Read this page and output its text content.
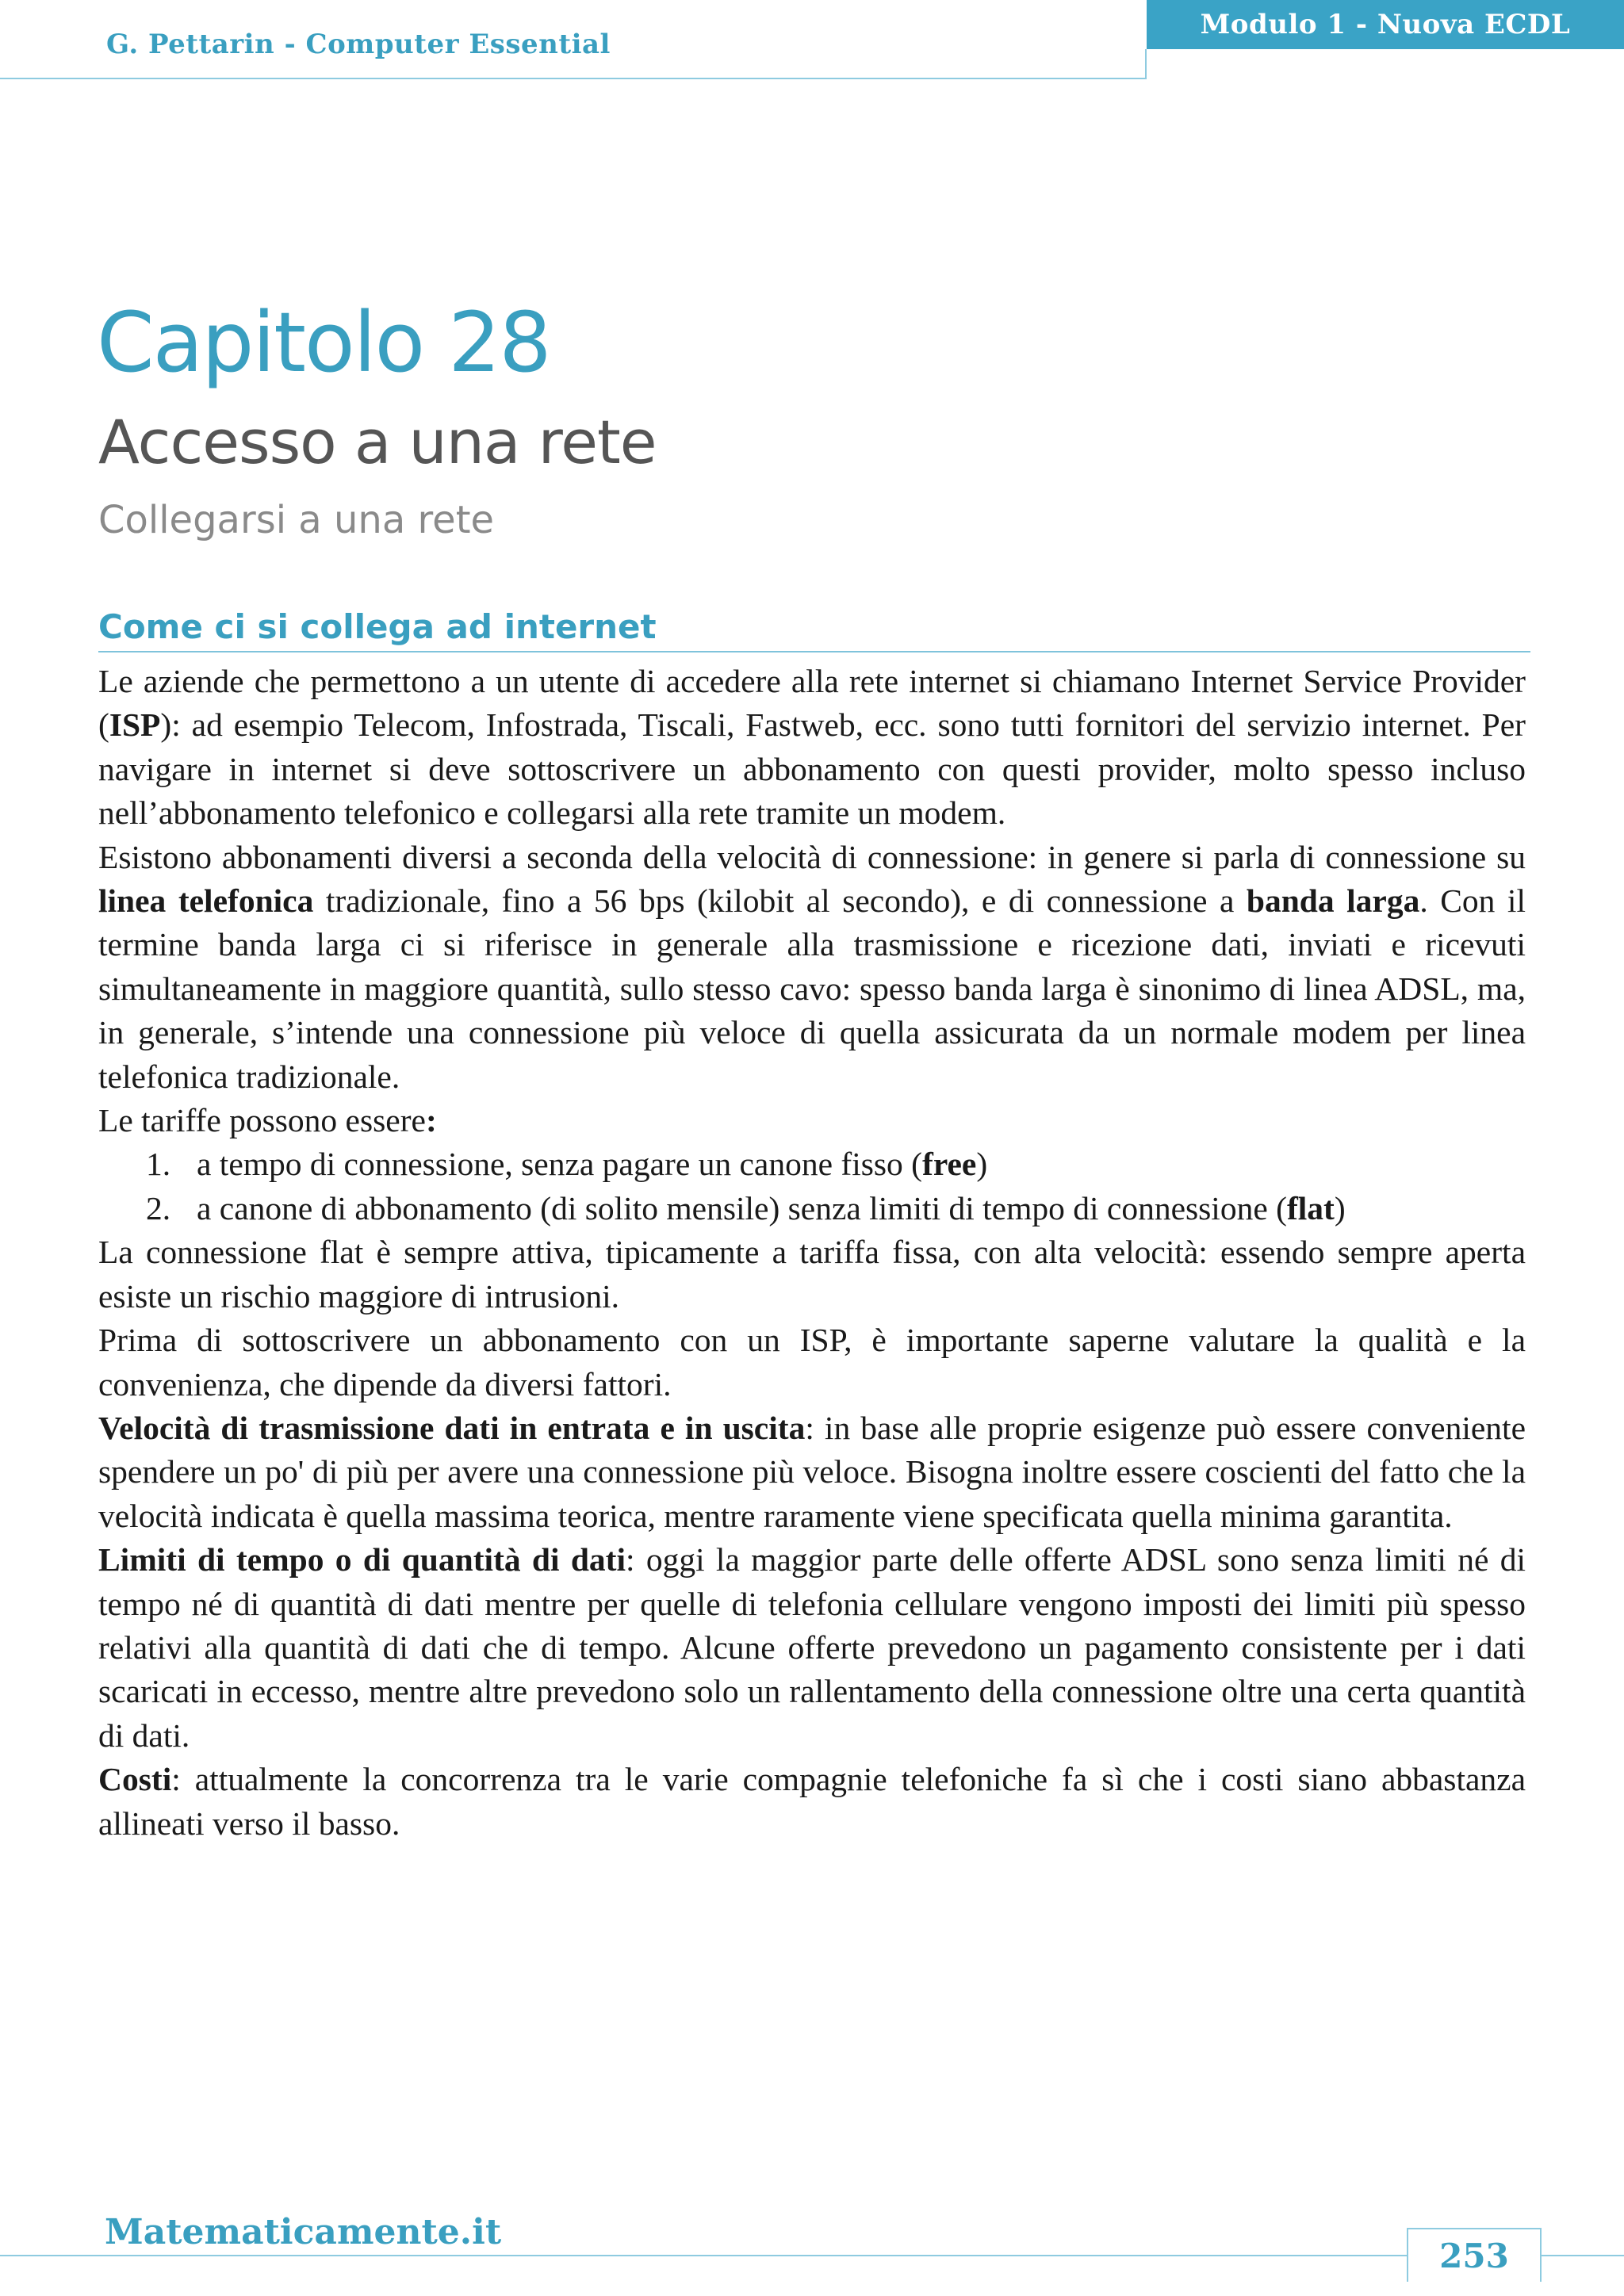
G. Pettarin - Computer Essential
Modulo 1 - Nuova ECDL
Capitolo 28
Accesso a una rete
Collegarsi a una rete
Come ci si collega ad internet

Le aziende che permettono a un utente di accedere alla rete internet si chiamano Internet Service Provider (ISP): ad esempio Telecom, Infostrada, Tiscali, Fastweb, ecc. sono tutti fornitori del servizio internet. Per navigare in internet si deve sottoscrivere un abbonamento con questi provider, molto spesso incluso nell’abbonamento telefonico e collegarsi alla rete tramite un modem.

Esistono abbonamenti diversi a seconda della velocità di connessione: in genere si parla di connessione su linea telefonica tradizionale, fino a 56 bps (kilobit al secondo), e di connessione a banda larga. Con il termine banda larga ci si riferisce in generale alla trasmissione e ricezione dati, inviati e ricevuti simultaneamente in maggiore quantità, sullo stesso cavo: spesso banda larga è sinonimo di linea ADSL, ma, in generale, s’intende una connessione più veloce di quella assicurata da un normale modem per linea telefonica tradizionale.

Le tariffe possono essere:

1. a tempo di connessione, senza pagare un canone fisso (free)
2. a canone di abbonamento (di solito mensile) senza limiti di tempo di connessione (flat)

La connessione flat è sempre attiva, tipicamente a tariffa fissa, con alta velocità: essendo sempre aperta esiste un rischio maggiore di intrusioni.

Prima di sottoscrivere un abbonamento con un ISP, è importante saperne valutare la qualità e la convenienza, che dipende da diversi fattori.

Velocità di trasmissione dati in entrata e in uscita: in base alle proprie esigenze può essere conveniente spendere un po' di più per avere una connessione più veloce. Bisogna inoltre essere coscienti del fatto che la velocità indicata è quella massima teorica, mentre raramente viene specificata quella minima garantita.

Limiti di tempo o di quantità di dati: oggi la maggior parte delle offerte ADSL sono senza limiti né di tempo né di quantità di dati mentre per quelle di telefonia cellulare vengono imposti dei limiti più spesso relativi alla quantità di dati che di tempo. Alcune offerte prevedono un pagamento consistente per i dati scaricati in eccesso, mentre altre prevedono solo un rallentamento della connessione oltre una certa quantità di dati.

Costi: attualmente la concorrenza tra le varie compagnie telefoniche fa sì che i costi siano abbastanza allineati verso il basso.

Matematicamente.it
253
